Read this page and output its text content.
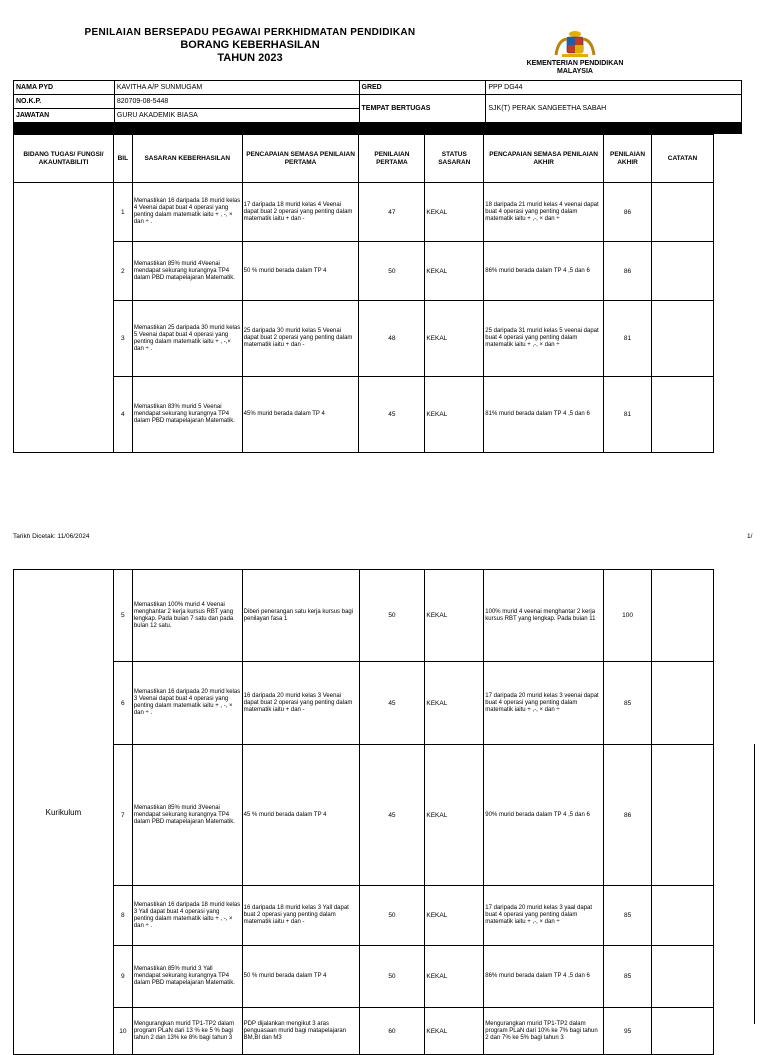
PENILAIAN BERSEPADU PEGAWAI PERKHIDMATAN PENDIDIKAN
BORANG KEBERHASILAN
TAHUN 2023	KEMENTERIAN PENDIDIKAN MALAYSIA
NAMA PYD	KAVITHA A/P SUNMUGAM	GRED	PPP DG44
NO.K.P.	820709-08-5448	TEMPAT BERTUGAS	SJK(T) PERAK SANGEETHA SABAH
JAWATAN	GURU AKADEMIK BIASA		
BIDANG TUGAS/ FUNGSI/ AKAUNTABILITI	BIL	SASARAN KEBERHASILAN	PENCAPAIAN SEMASA PENILAIAN PERTAMA	PENILAIAN PERTAMA	STATUS SASARAN	PENCAPAIAN SEMASA PENILAIAN AKHIR	PENILAIAN AKHIR	CATATAN
	1	Memastikan 16 daripada 18 murid kelas 4 Veenai dapat buat 4 operasi yang penting dalam matematik iaitu + , -, × dan ÷ .	17 daripada 18 murid kelas 4 Veenai dapat buat 2 operasi yang penting dalam matematik iaitu + dan -	47	KEKAL	18 daripada 21 murid kelas 4 veenai dapat buat 4 operasi yang penting dalam matematik iaitu + ,-, × dan ÷	86	
	2	Memastikan 85% murid 4Veenai mendapat sekurang kurangnya TP4 dalam PBD matapelajaran Matematik.	50 % murid berada dalam TP 4	50	KEKAL	86% murid berada dalam TP 4 ,5 dan 6	86	
	3	Memastikan 25 daripada 30 murid kelas 5 Veenai dapat buat 4 operasi yang penting dalam matematik iaitu + , -,× dan ÷ .	25 daripada 30 murid kelas 5 Veenai dapat buat 2 operasi yang penting dalam matematik iaitu + dan -	48	KEKAL	25 daripada 31 murid kelas 5 veenai dapat buat 4 operasi yang penting dalam matematik iaitu + ,-, × dan ÷	81	
	4	Memastikan 83% murid 5 Veenai mendapat sekurang kurangnya TP4 dalam PBD matapelajaran Matematik.	45% murid berada dalam TP 4	45	KEKAL	81% murid berada dalam TP 4 ,5 dan 6	81	
Tarikh Dicetak: 11/06/2024	1/
Kurikulum	5	Memastikan 100% murid 4 Veenai menghantar 2 kerja kursus RBT yang lengkap. Pada buian 7 satu dan pada bulan 12 satu.	Diberi penerangan satu kerja kursus bagi penilayan fasa 1	50	KEKAL	100% murid 4 veenai menghantar 2 kerja kursus RBT yang lengkap. Pada buian 11	100	
	6	Memastikan 16 daripada 20 murid kelas 3 Veenai dapat buat 4 operasi yang penting dalam matematik iaitu + , -, × dan ÷ .	16 daripada 20 murid kelas 3 Veenai dapat buat 2 operasi yang penting dalam matematik iaitu + dan -	45	KEKAL	17 daripada 20 murid kelas 3 veenai dapat buat 4 operasi yang penting dalam matematik iaitu + ,-, × dan ÷	85	
	7	Memastikan 85% murid 3Veenai mendapat sekurang kurangnya TP4 dalam PBD matapelajaran Matematik.	45 % murid berada dalam TP 4	45	KEKAL	90% murid berada dalam TP 4 ,5 dan 6	86	
	8	Memastikan 16 daripada 18 murid kelas 3 Yall dapat buat 4 operasi yang penting dalam matematik iaitu + , -, × dan ÷ .	16 daripada 18 murid kelas 3 Yall dapat buat 2 operasi yang penting dalam matematik iaitu + dan -	50	KEKAL	17 daripada 20 murid kelas 3 yaal dapat buat 4 operasi yang penting dalam matematik iaitu + ,-, × dan ÷	85	
	9	Memastikan 85% murid 3 Yall mendapat sekurang kurangnya TP4 dalam PBD matapelajaran Matematik.	50 % murid berada dalam TP 4	50	KEKAL	86% murid berada dalam TP 4 ,5 dan 6	85	
	10	Mengurangkan murid TP1-TP2 dalam program PLaN dari 13 % ke 5 % bagi tahun 2 dan 13% ke 8% bagi tahun 3	PDP dijalankan mengikut 3 aras penguasaan murid bagi matapelajaran BM,BI dan M3	60	KEKAL	Mengurangkan murid TP1-TP2 dalam program PLaN dari 10% ke 7% bagi tahun 2 dan 7% ke 5% bagi tahun 3	95	
